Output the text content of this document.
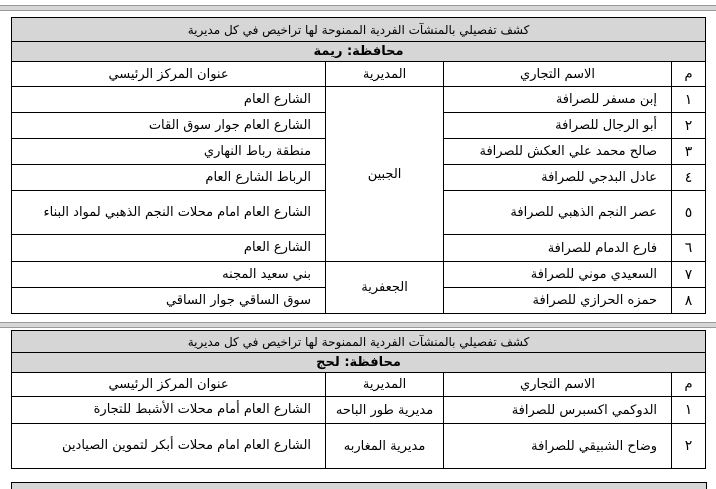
كشف تفصيلي بالمنشآت الفردية الممنوحة لها تراخيص في كل مديرية			
محافظة: ريمة			
م	الاسم التجاري	المديرية	عنوان المركز الرئيسي
١	إبن مسفر للصرافة	الجبين	الشارع العام
٢	أبو الرجال للصرافة		الشارع العام جوار سوق القات
٣	صالح محمد علي العكش للصرافة		منطقة رباط النهاري
٤	عادل البدجي للصرافة		الرباط الشارع العام
٥	عصر النجم الذهبي للصرافة		الشارع العام امام محلات النجم الذهبي لمواد البناء
٦	فارع الدمام للصرافة		الشارع العام
٧	السعيدي موني للصرافة	الجعفرية	بني سعيد المجنه
٨	حمزه الحرازي للصرافة		سوق الساقي جوار الساقي
كشف تفصيلي بالمنشآت الفردية الممنوحة لها تراخيص في كل مديرية			
محافظة: لحج			
م	الاسم التجاري	المديرية	عنوان المركز الرئيسي
١	الدوكمي اكسبرس للصرافة	مديرية طور الباحه	الشارع العام أمام محلات الأشبط للتجارة
٢	وضاح الشبيقي للصرافة	مديرية المغاربه	الشارع العام امام محلات أبكر لتموين الصيادين
